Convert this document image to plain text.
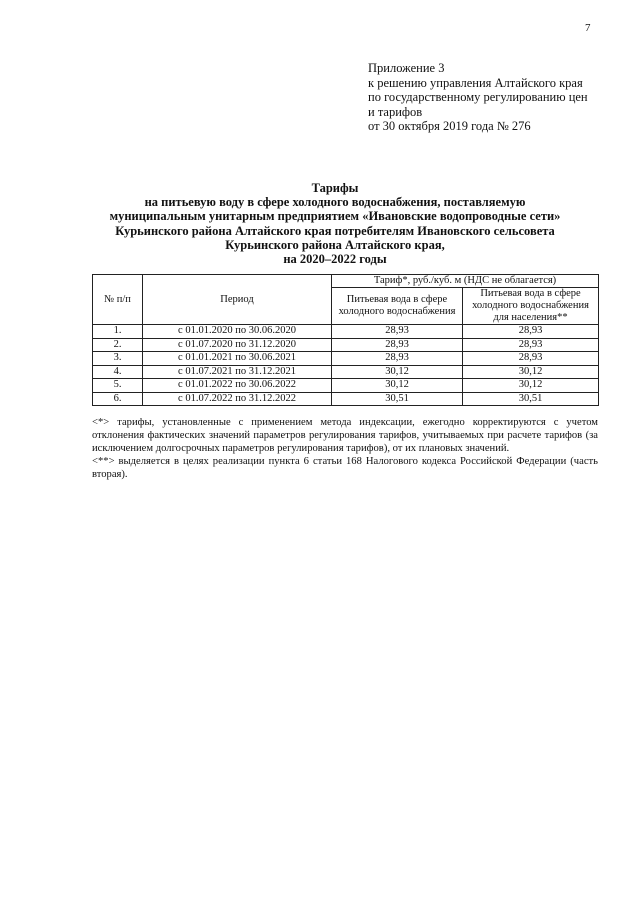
7
Приложение 3
к решению управления Алтайского края
по государственному регулированию цен
и тарифов
от 30 октября 2019 года № 276
Тарифы
на питьевую воду в сфере холодного водоснабжения, поставляемую
муниципальным унитарным предприятием «Ивановские водопроводные сети»
Курьинского района Алтайского края потребителям Ивановского сельсовета
Курьинского района Алтайского края,
на 2020–2022 годы
№ п/п	Период	Тариф*, руб./куб. м (НДС не облагается)	
		Питьевая вода в сфере холодного водоснабжения	Питьевая вода в сфере холодного водоснабжения для населения**
1.	с 01.01.2020 по 30.06.2020	28,93	28,93
2.	с 01.07.2020 по 31.12.2020	28,93	28,93
3.	с 01.01.2021 по 30.06.2021	28,93	28,93
4.	с 01.07.2021 по 31.12.2021	30,12	30,12
5.	с 01.01.2022 по 30.06.2022	30,12	30,12
6.	с 01.07.2022 по 31.12.2022	30,51	30,51

<*> тарифы, установленные с применением метода индексации, ежегодно корректируются с учетом отклонения фактических значений параметров регулирования тарифов, учитываемых при расчете тарифов (за исключением долгосрочных параметров регулирования тарифов), от их плановых значений.

<**> выделяется в целях реализации пункта 6 статьи 168 Налогового кодекса Российской Федерации (часть вторая).
